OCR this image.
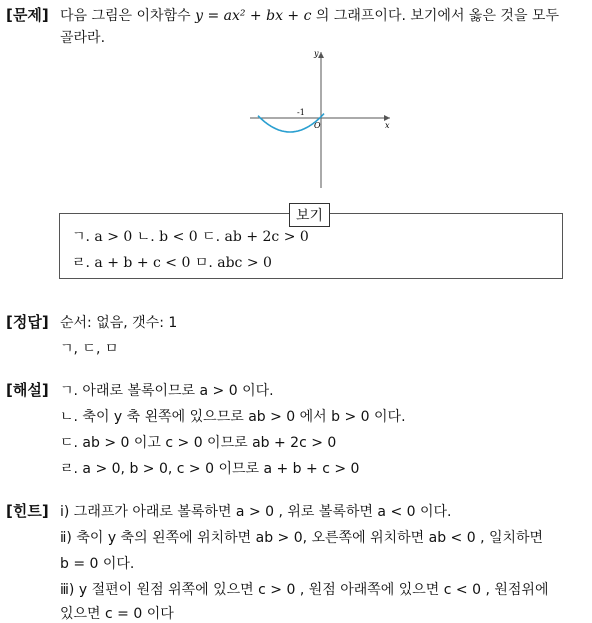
[문제] 다음 그림은 이차함수 y = ax² + bx + c 의 그래프이다. 보기에서 옳은 것을 모두
골라라.
y
x
O
-1
보기
ㄱ. a > 0 ㄴ. b < 0 ㄷ. ab + 2c > 0
ㄹ. a + b + c < 0 ㅁ. abc > 0
[정답] 순서: 없음, 갯수: 1
ㄱ, ㄷ, ㅁ
[해설] ㄱ. 아래로 볼록이므로 a > 0 이다.
ㄴ. 축이 y 축 왼쪽에 있으므로 ab > 0 에서 b > 0 이다.
ㄷ. ab > 0 이고 c > 0 이므로 ab + 2c > 0
ㄹ. a > 0, b > 0, c > 0 이므로 a + b + c > 0
[힌트] ⅰ) 그래프가 아래로 볼록하면 a > 0 , 위로 볼록하면 a < 0 이다.
ⅱ) 축이 y 축의 왼쪽에 위치하면 ab > 0, 오른쪽에 위치하면 ab < 0 , 일치하면
b = 0 이다.
ⅲ) y 절편이 원점 위쪽에 있으면 c > 0 , 원점 아래쪽에 있으면 c < 0 , 원점위에
있으면 c = 0 이다
